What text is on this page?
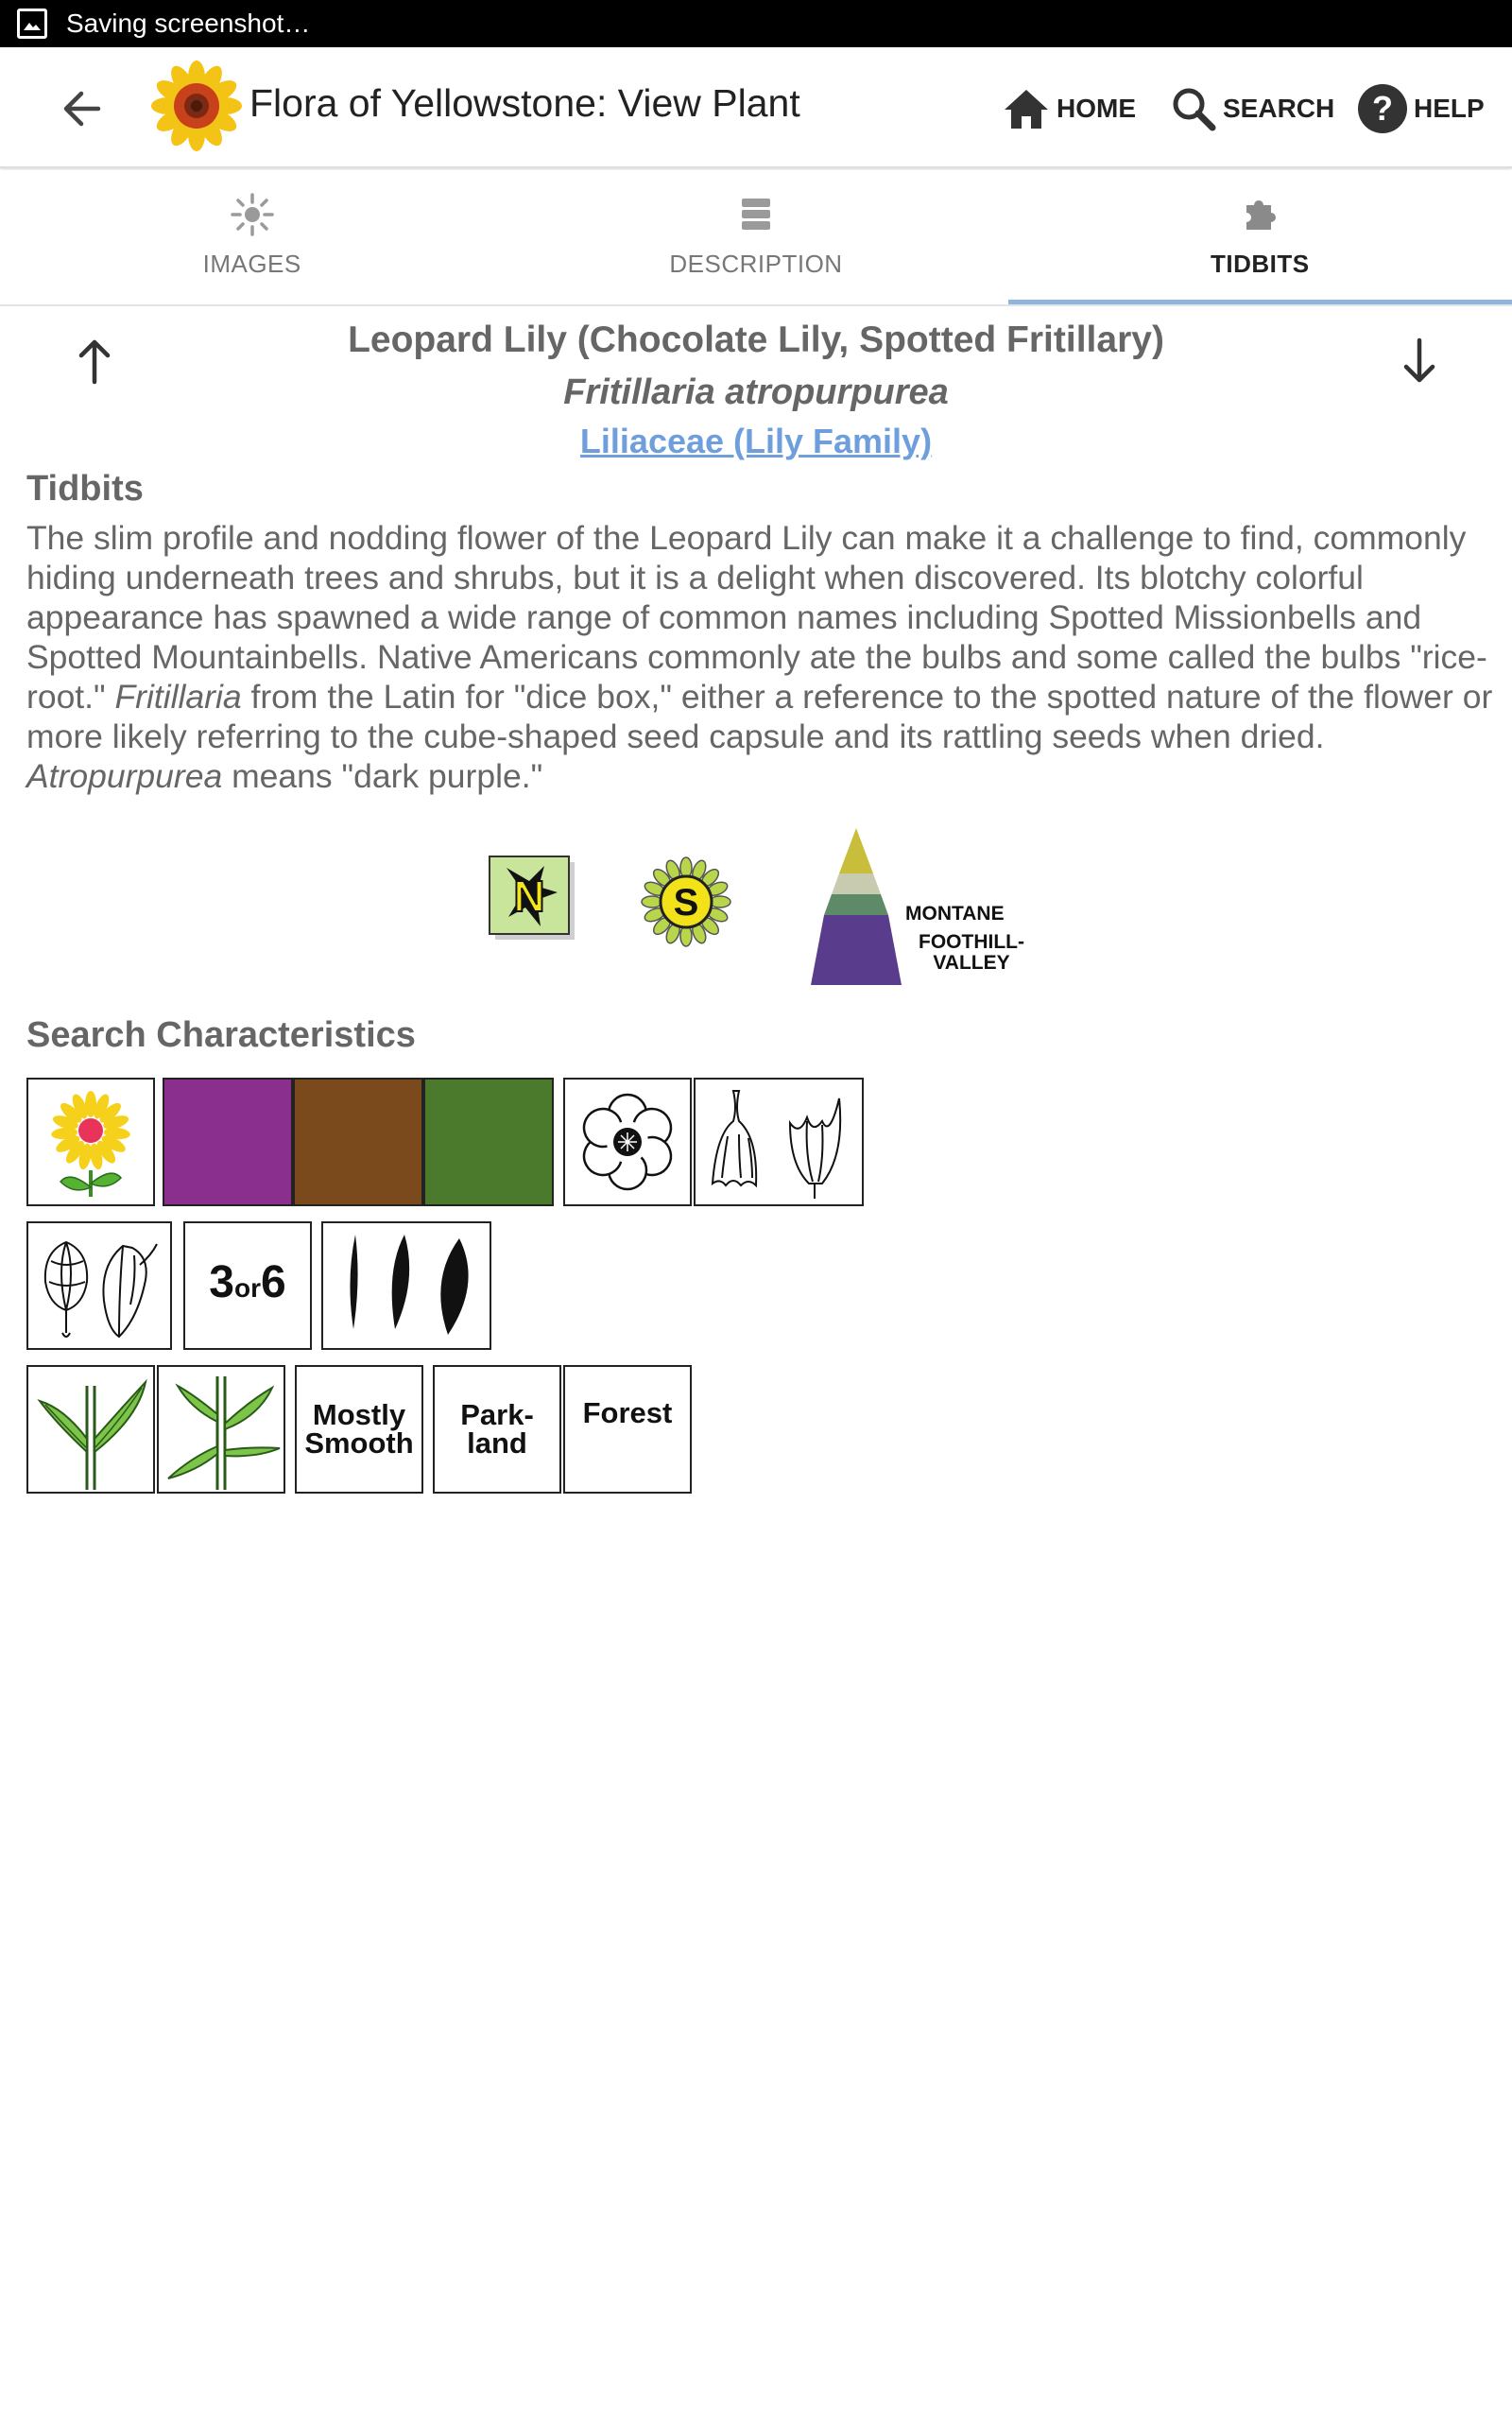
Saving screenshot…
Flora of Yellowstone: View Plant	HOME	SEARCH ? HELP
IMAGES	DESCRIPTION	TIDBITS
Leopard Lily (Chocolate Lily, Spotted Fritillary)
Fritillaria atropurpurea
Liliaceae (Lily Family)
Tidbits
The slim profile and nodding flower of the Leopard Lily can make it a challenge to find, commonly hiding underneath trees and shrubs, but it is a delight when discovered. Its blotchy colorful appearance has spawned a wide range of common names including Spotted Missionbells and Spotted Mountainbells. Native Americans commonly ate the bulbs and some called the bulbs "rice-root." Fritillaria from the Latin for "dice box," either a reference to the spotted nature of the flower or more likely referring to the cube-shaped seed capsule and its rattling seeds when dried. Atropurpurea means "dark purple."
N	S	MONTANE
FOOTHILL-
VALLEY
Search Characteristics
3or6
Mostly
Smooth
Park-
land
Forest
